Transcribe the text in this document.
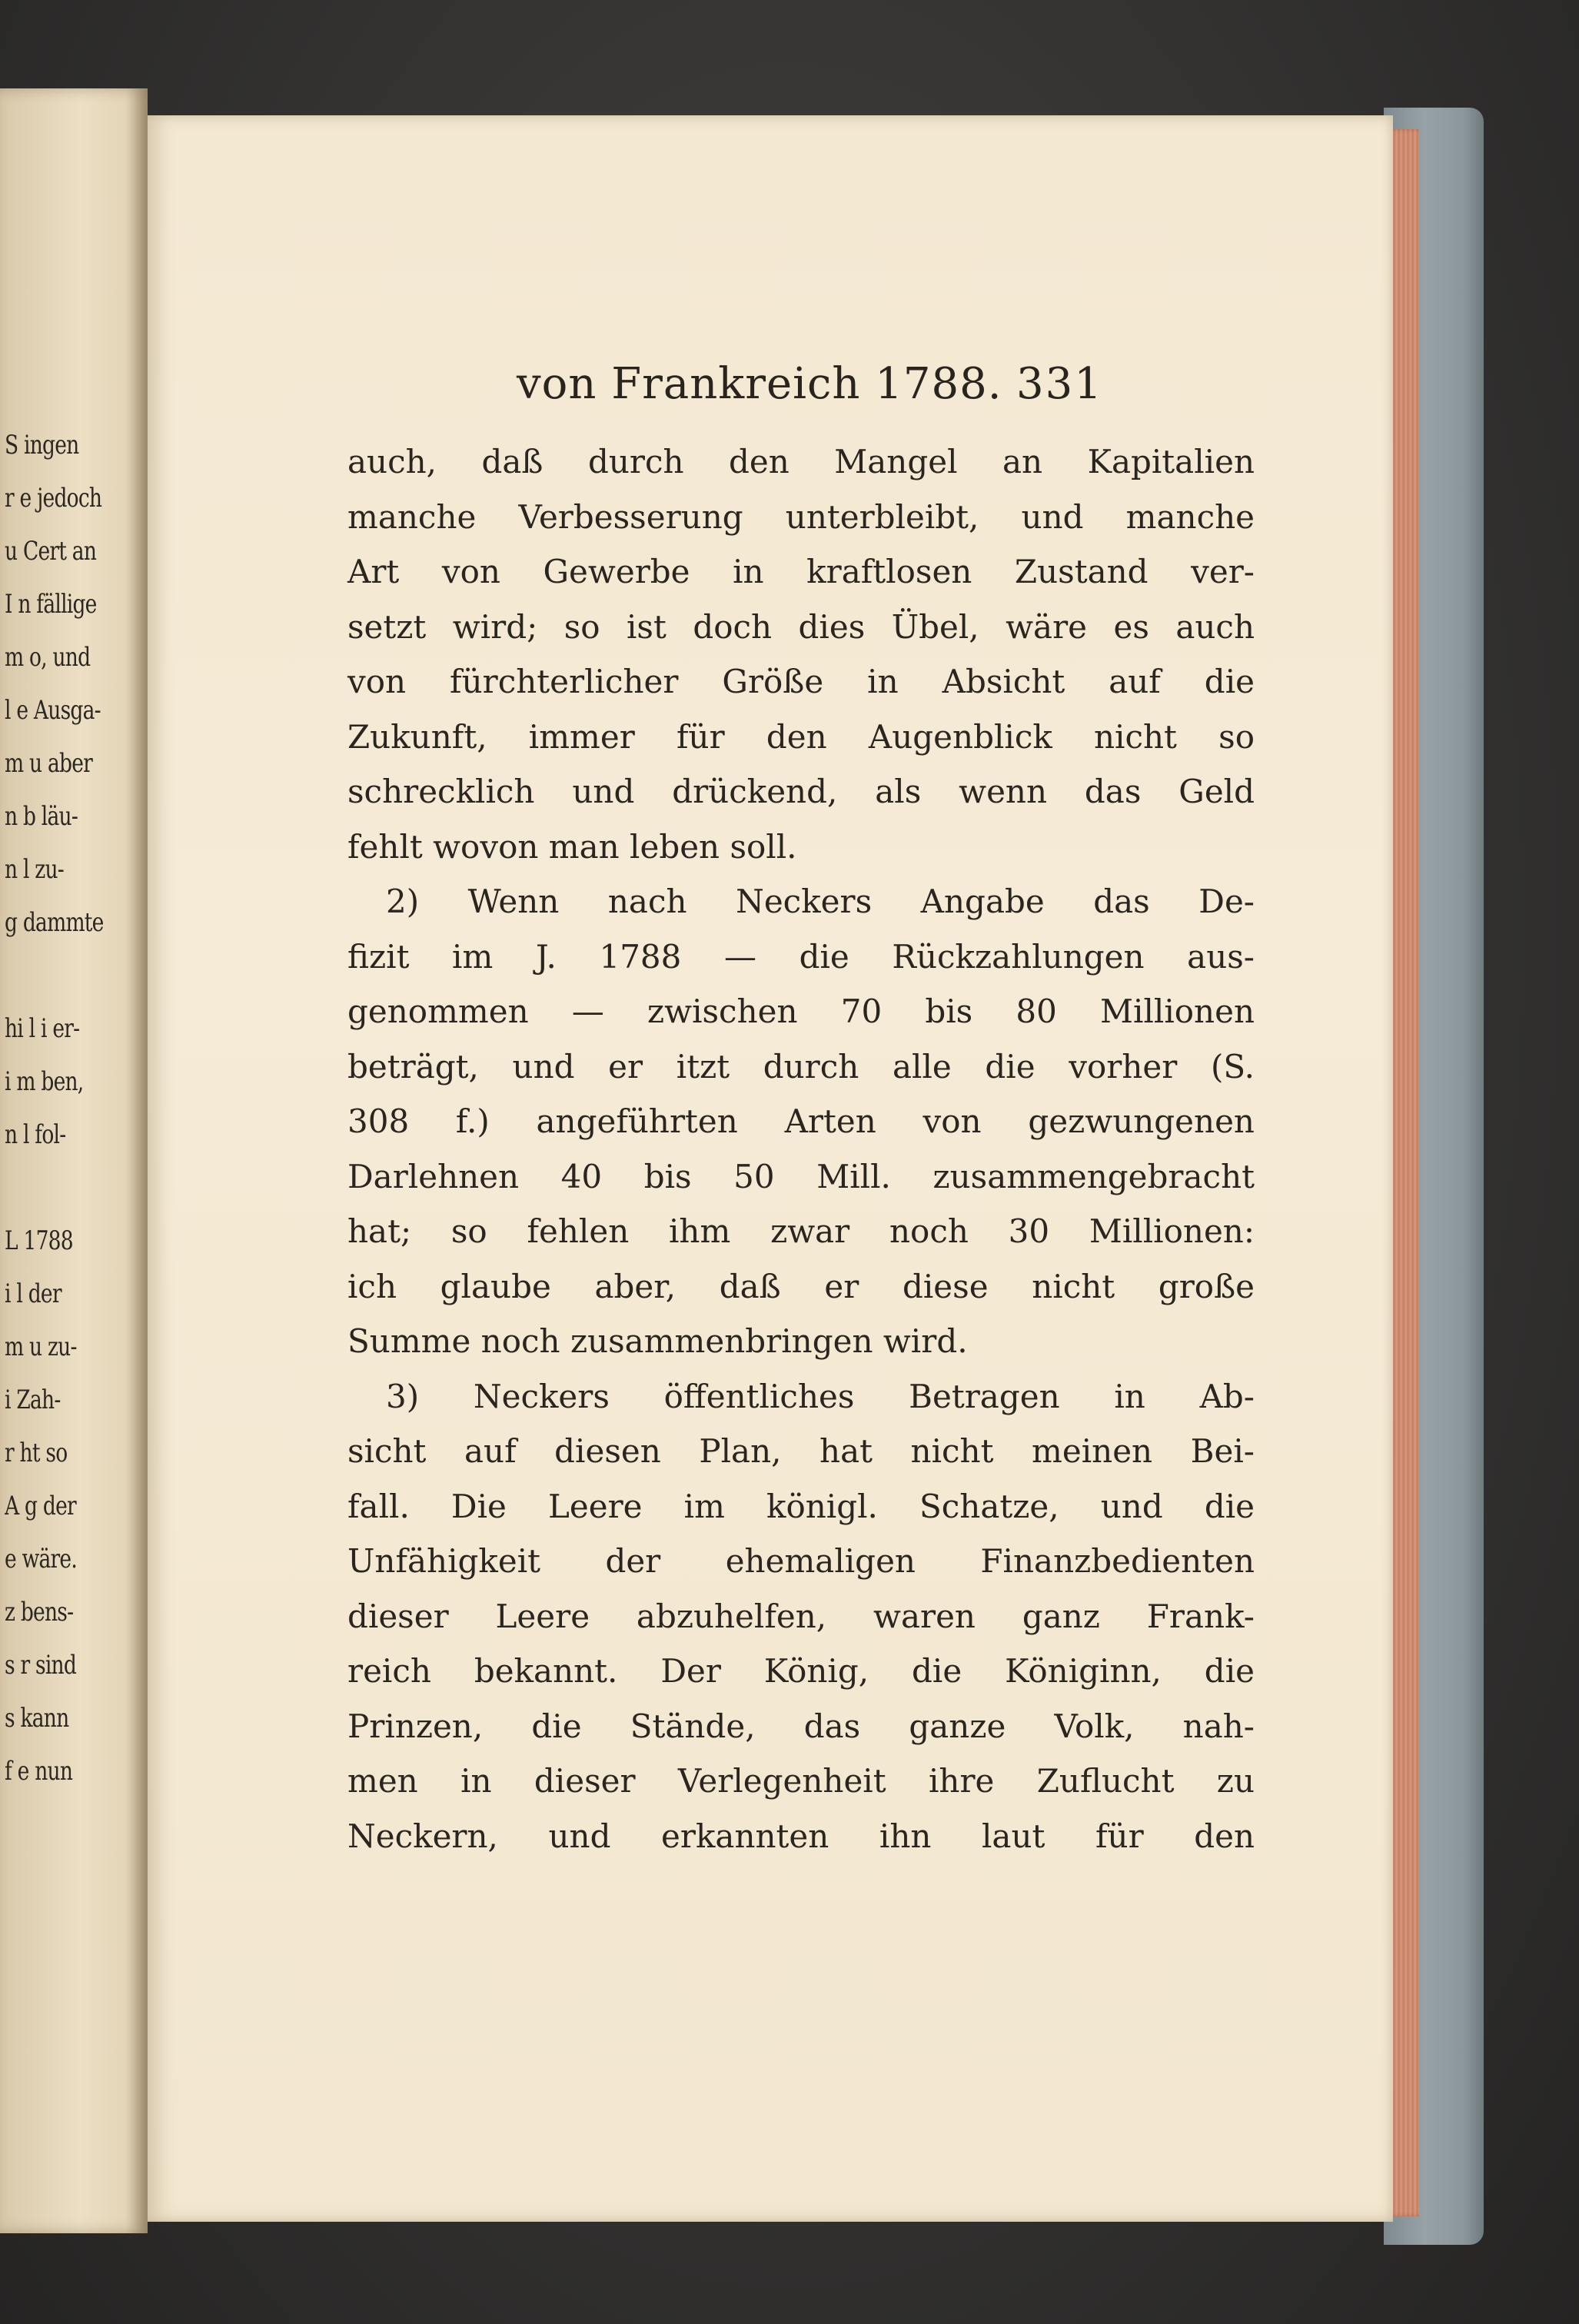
S ingen
r e jedoch
u Cert an
I n fällige
m o, und
l e Ausga-
m u aber
n b läu-
n l zu-
g dammte
hi l i er-
i m ben,
n l fol-
L 1788
i l der
m u zu-
i Zah-
r ht so
A g der
e wäre.
z bens-
s r sind
s kann
f e nun
von Frankreich 1788. 331
auch, daß durch den Mangel an Kapitalien
manche Verbesserung unterbleibt, und manche
Art von Gewerbe in kraftlosen Zustand ver-
setzt wird; so ist doch dies Übel, wäre es auch
von fürchterlicher Größe in Absicht auf die
Zukunft, immer für den Augenblick nicht so
schrecklich und drückend, als wenn das Geld
fehlt wovon man leben soll.
2) Wenn nach Neckers Angabe das De-
fizit im J. 1788 — die Rückzahlungen aus-
genommen — zwischen 70 bis 80 Millionen
beträgt, und er itzt durch alle die vorher (S.
308 f.) angeführten Arten von gezwungenen
Darlehnen 40 bis 50 Mill. zusammengebracht
hat; so fehlen ihm zwar noch 30 Millionen:
ich glaube aber, daß er diese nicht große
Summe noch zusammenbringen wird.
3) Neckers öffentliches Betragen in Ab-
sicht auf diesen Plan, hat nicht meinen Bei-
fall. Die Leere im königl. Schatze, und die
Unfähigkeit der ehemaligen Finanzbedienten
dieser Leere abzuhelfen, waren ganz Frank-
reich bekannt. Der König, die Königinn, die
Prinzen, die Stände, das ganze Volk, nah-
men in dieser Verlegenheit ihre Zuflucht zu
Neckern, und erkannten ihn laut für den
